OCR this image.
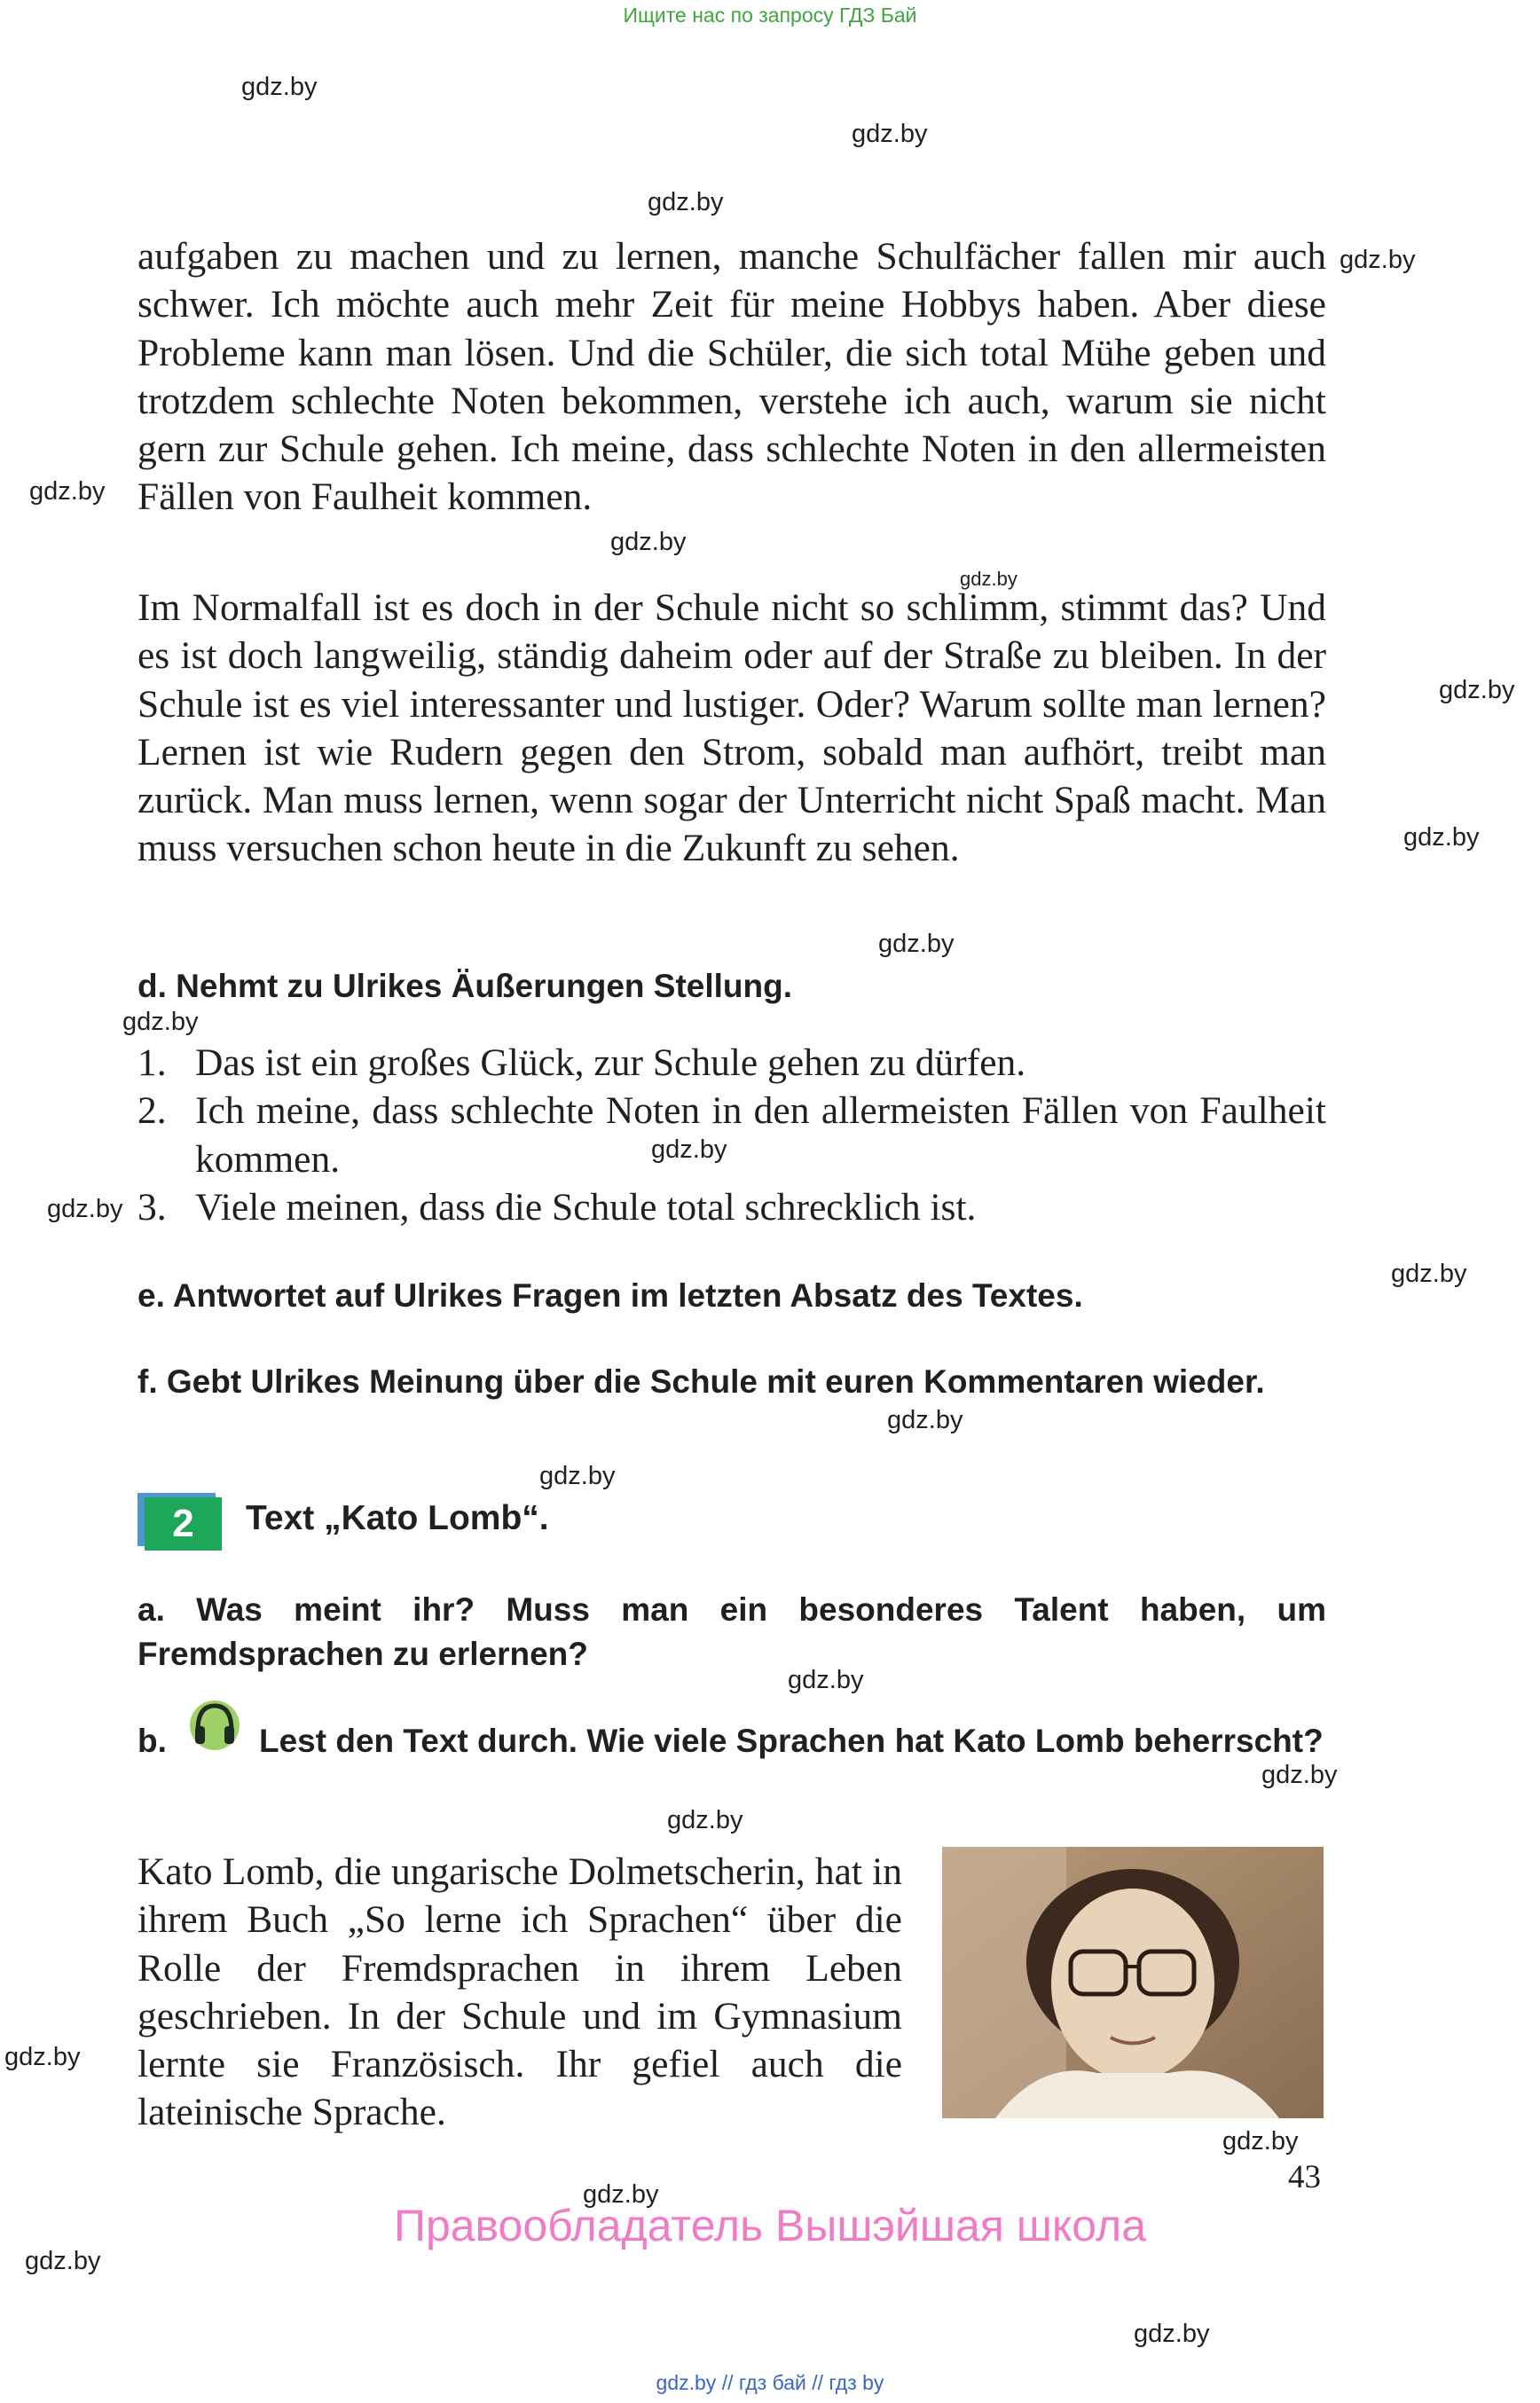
Ищите нас по запросу ГДЗ Бай
gdz.by
gdz.by
gdz.by
gdz.by
gdz.by
gdz.by
gdz.by
gdz.by
gdz.by
gdz.by
gdz.by
gdz.by
gdz.by
gdz.by
gdz.by
gdz.by
gdz.by
gdz.by
gdz.by
gdz.by
gdz.by
gdz.by
gdz.by
gdz.by
aufgaben zu machen und zu lernen, manche Schulfächer fallen mir auch schwer. Ich möchte auch mehr Zeit für meine Hobbys haben. Aber diese Probleme kann man lösen. Und die Schüler, die sich total Mühe geben und trotzdem schlechte Noten bekommen, verstehe ich auch, warum sie nicht gern zur Schule gehen. Ich meine, dass schlechte Noten in den allermeisten Fällen von Faulheit kommen.
Im Normalfall ist es doch in der Schule nicht so schlimm, stimmt das? Und es ist doch langweilig, ständig daheim oder auf der Straße zu bleiben. In der Schule ist es viel interessanter und lustiger. Oder? Warum sollte man lernen? Lernen ist wie Rudern gegen den Strom, sobald man aufhört, treibt man zurück. Man muss lernen, wenn sogar der Unterricht nicht Spaß macht. Man muss versuchen schon heute in die Zukunft zu sehen.
d. Nehmt zu Ulrikes Äußerungen Stellung.
1. Das ist ein großes Glück, zur Schule gehen zu dürfen.
2. Ich meine, dass schlechte Noten in den allermeisten Fällen von Faulheit kommen.
3. Viele meinen, dass die Schule total schrecklich ist.
e. Antwortet auf Ulrikes Fragen im letzten Absatz des Textes.
f. Gebt Ulrikes Meinung über die Schule mit euren Kommentaren wieder.
2	Text „Kato Lomb“.
a. Was meint ihr? Muss man ein besonderes Talent haben, um Fremdsprachen zu erlernen?
b.	Lest den Text durch. Wie viele Sprachen hat Kato Lomb beherrscht?
Kato Lomb, die ungarische Dolmetscherin, hat in ihrem Buch „So lerne ich Sprachen“ über die Rolle der Fremdsprachen in ihrem Leben geschrieben. In der Schule und im Gymnasium lernte sie Französisch. Ihr gefiel auch die lateinische Sprache.
43
Правообладатель Вышэйшая школа
gdz.by // гдз бай // гдз by
